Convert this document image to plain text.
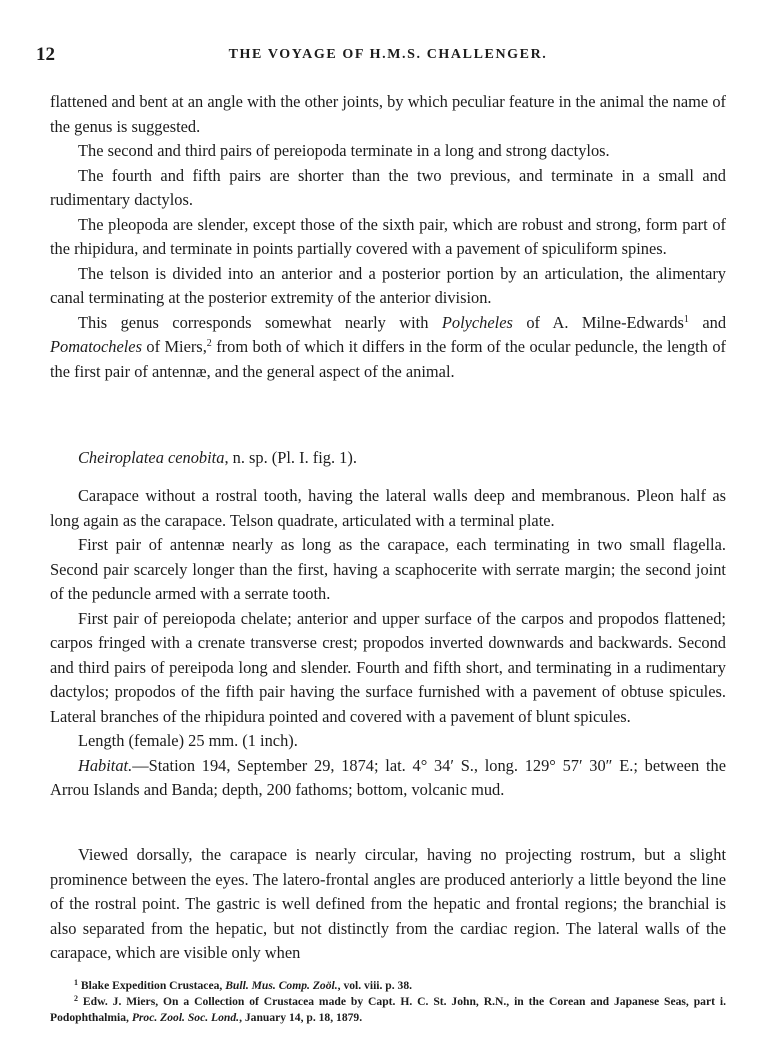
12	THE VOYAGE OF H.M.S. CHALLENGER.

flattened and bent at an angle with the other joints, by which peculiar feature in the animal the name of the genus is suggested.

The second and third pairs of pereiopoda terminate in a long and strong dactylos.

The fourth and fifth pairs are shorter than the two previous, and terminate in a small and rudimentary dactylos.

The pleopoda are slender, except those of the sixth pair, which are robust and strong, form part of the rhipidura, and terminate in points partially covered with a pavement of spiculiform spines.

The telson is divided into an anterior and a posterior portion by an articulation, the alimentary canal terminating at the posterior extremity of the anterior division.

This genus corresponds somewhat nearly with Polycheles of A. Milne-Edwards$^1$ and Pomatocheles of Miers,$^2$ from both of which it differs in the form of the ocular peduncle, the length of the first pair of antennæ, and the general aspect of the animal.

Cheiroplatea cenobita, n. sp. (Pl. I. fig. 1).

Carapace without a rostral tooth, having the lateral walls deep and membranous. Pleon half as long again as the carapace. Telson quadrate, articulated with a terminal plate.

First pair of antennæ nearly as long as the carapace, each terminating in two small flagella. Second pair scarcely longer than the first, having a scaphocerite with serrate margin; the second joint of the peduncle armed with a serrate tooth.

First pair of pereiopoda chelate; anterior and upper surface of the carpos and propodos flattened; carpos fringed with a crenate transverse crest; propodos inverted downwards and backwards. Second and third pairs of pereipoda long and slender. Fourth and fifth short, and terminating in a rudimentary dactylos; propodos of the fifth pair having the surface furnished with a pavement of obtuse spicules. Lateral branches of the rhipidura pointed and covered with a pavement of blunt spicules.

Length (female) 25 mm. (1 inch).

Habitat.—Station 194, September 29, 1874; lat. 4° 34′ S., long. 129° 57′ 30″ E.; between the Arrou Islands and Banda; depth, 200 fathoms; bottom, volcanic mud.

Viewed dorsally, the carapace is nearly circular, having no projecting rostrum, but a slight prominence between the eyes. The latero-frontal angles are produced anteriorly a little beyond the line of the rostral point. The gastric is well defined from the hepatic and frontal regions; the branchial is also separated from the hepatic, but not distinctly from the cardiac region. The lateral walls of the carapace, which are visible only when

$^1$ Blake Expedition Crustacea, Bull. Mus. Comp. Zoöl., vol. viii. p. 38.

$^2$ Edw. J. Miers, On a Collection of Crustacea made by Capt. H. C. St. John, R.N., in the Corean and Japanese Seas, part i. Podophthalmia, Proc. Zool. Soc. Lond., January 14, p. 18, 1879.
